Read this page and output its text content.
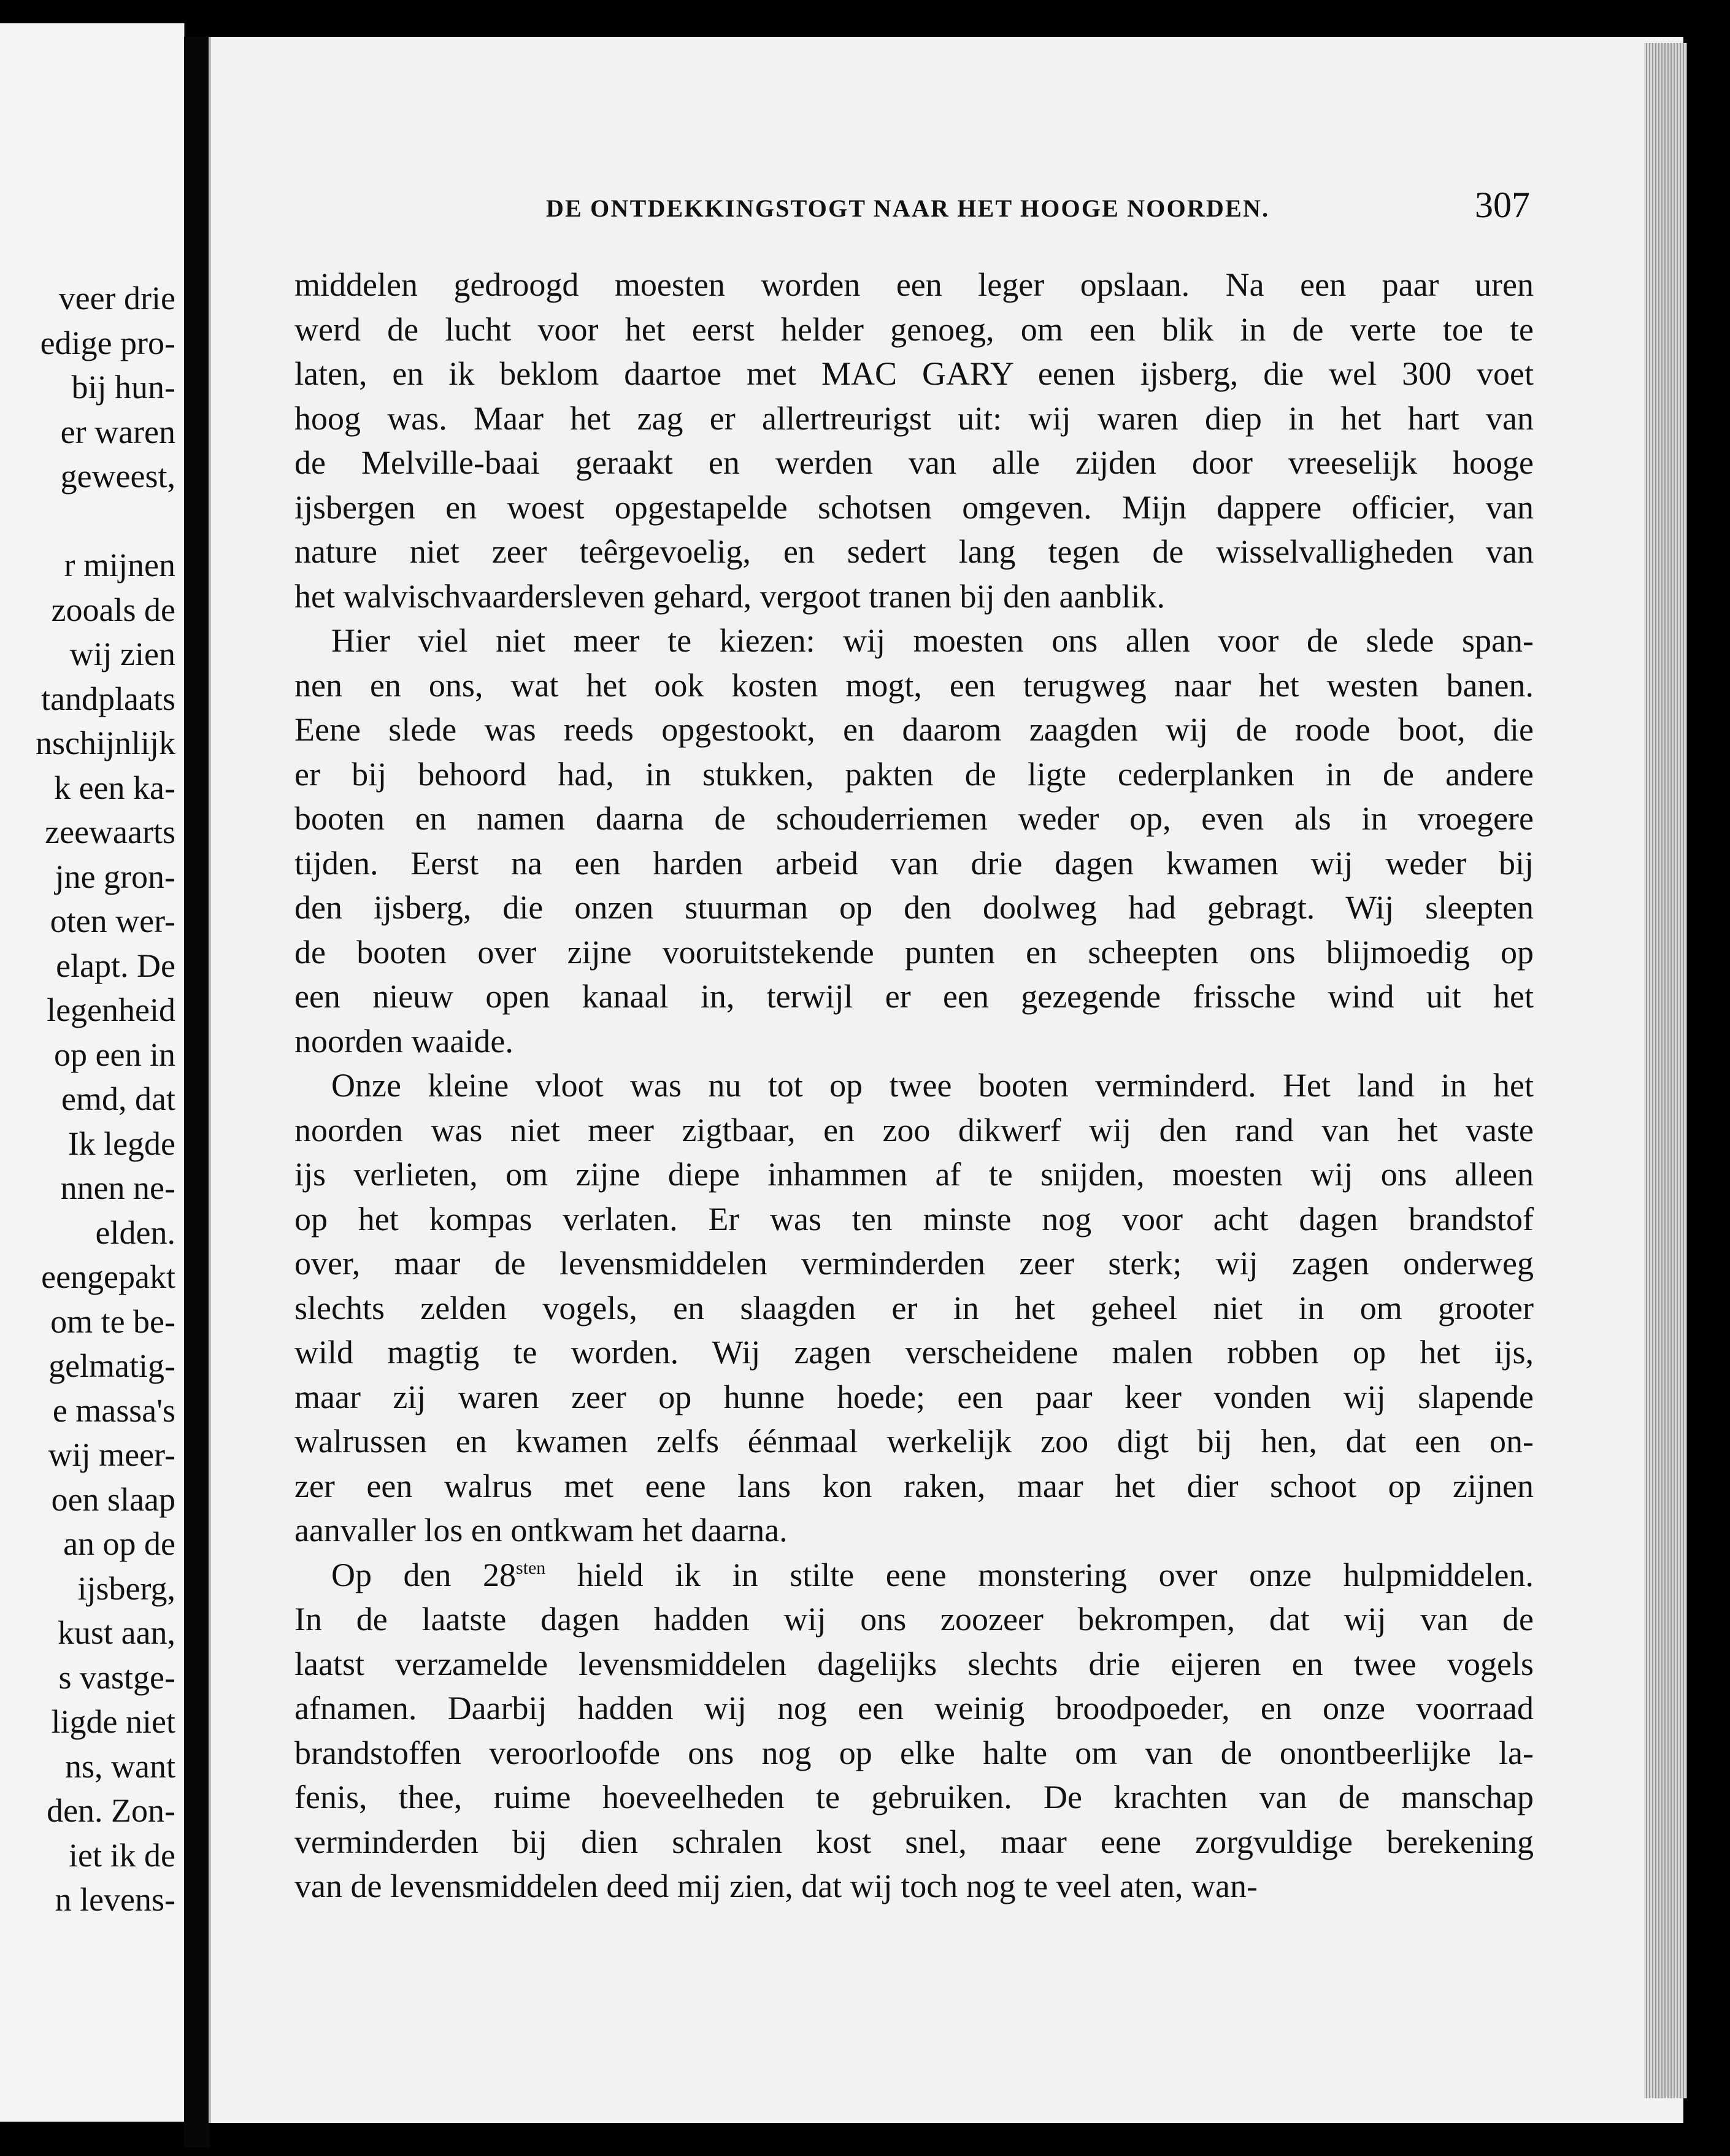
veer drie
edige pro-
bij hun-
er waren
geweest,
r mijnen
zooals de
wij zien
tandplaats
nschijnlijk
k een ka-
zeewaarts
jne gron-
oten wer-
elapt. De
legenheid
op een in
emd, dat
Ik legde
nnen ne-
elden.
eengepakt
om te be-
gelmatig-
e massa's
wij meer-
oen slaap
an op de
ijsberg,
kust aan,
s vastge-
ligde niet
ns, want
den. Zon-
iet ik de
n levens-
DE ONTDEKKINGSTOGT NAAR HET HOOGE NOORDEN.	307
middelen gedroogd moesten worden een leger opslaan. Na een paar uren
werd de lucht voor het eerst helder genoeg, om een blik in de verte toe te
laten, en ik beklom daartoe met MAC GARY eenen ijsberg, die wel 300 voet
hoog was. Maar het zag er allertreurigst uit: wij waren diep in het hart van
de Melville-baai geraakt en werden van alle zijden door vreeselijk hooge
ijsbergen en woest opgestapelde schotsen omgeven. Mijn dappere officier, van
nature niet zeer teêrgevoelig, en sedert lang tegen de wisselvalligheden van
het walvischvaardersleven gehard, vergoot tranen bij den aanblik.
Hier viel niet meer te kiezen: wij moesten ons allen voor de slede span-
nen en ons, wat het ook kosten mogt, een terugweg naar het westen banen.
Eene slede was reeds opgestookt, en daarom zaagden wij de roode boot, die
er bij behoord had, in stukken, pakten de ligte cederplanken in de andere
booten en namen daarna de schouderriemen weder op, even als in vroegere
tijden. Eerst na een harden arbeid van drie dagen kwamen wij weder bij
den ijsberg, die onzen stuurman op den doolweg had gebragt. Wij sleepten
de booten over zijne vooruitstekende punten en scheepten ons blijmoedig op
een nieuw open kanaal in, terwijl er een gezegende frissche wind uit het
noorden waaide.
Onze kleine vloot was nu tot op twee booten verminderd. Het land in het
noorden was niet meer zigtbaar, en zoo dikwerf wij den rand van het vaste
ijs verlieten, om zijne diepe inhammen af te snijden, moesten wij ons alleen
op het kompas verlaten. Er was ten minste nog voor acht dagen brandstof
over, maar de levensmiddelen verminderden zeer sterk; wij zagen onderweg
slechts zelden vogels, en slaagden er in het geheel niet in om grooter
wild magtig te worden. Wij zagen verscheidene malen robben op het ijs,
maar zij waren zeer op hunne hoede; een paar keer vonden wij slapende
walrussen en kwamen zelfs éénmaal werkelijk zoo digt bij hen, dat een on-
zer een walrus met eene lans kon raken, maar het dier schoot op zijnen
aanvaller los en ontkwam het daarna.
Op den $28^{sten}$ hield ik in stilte eene monstering over onze hulpmiddelen.
In de laatste dagen hadden wij ons zoozeer bekrompen, dat wij van de
laatst verzamelde levensmiddelen dagelijks slechts drie eijeren en twee vogels
afnamen. Daarbij hadden wij nog een weinig broodpoeder, en onze voorraad
brandstoffen veroorloofde ons nog op elke halte om van de onontbeerlijke la-
fenis, thee, ruime hoeveelheden te gebruiken. De krachten van de manschap
verminderden bij dien schralen kost snel, maar eene zorgvuldige berekening
van de levensmiddelen deed mij zien, dat wij toch nog te veel aten, wan-
